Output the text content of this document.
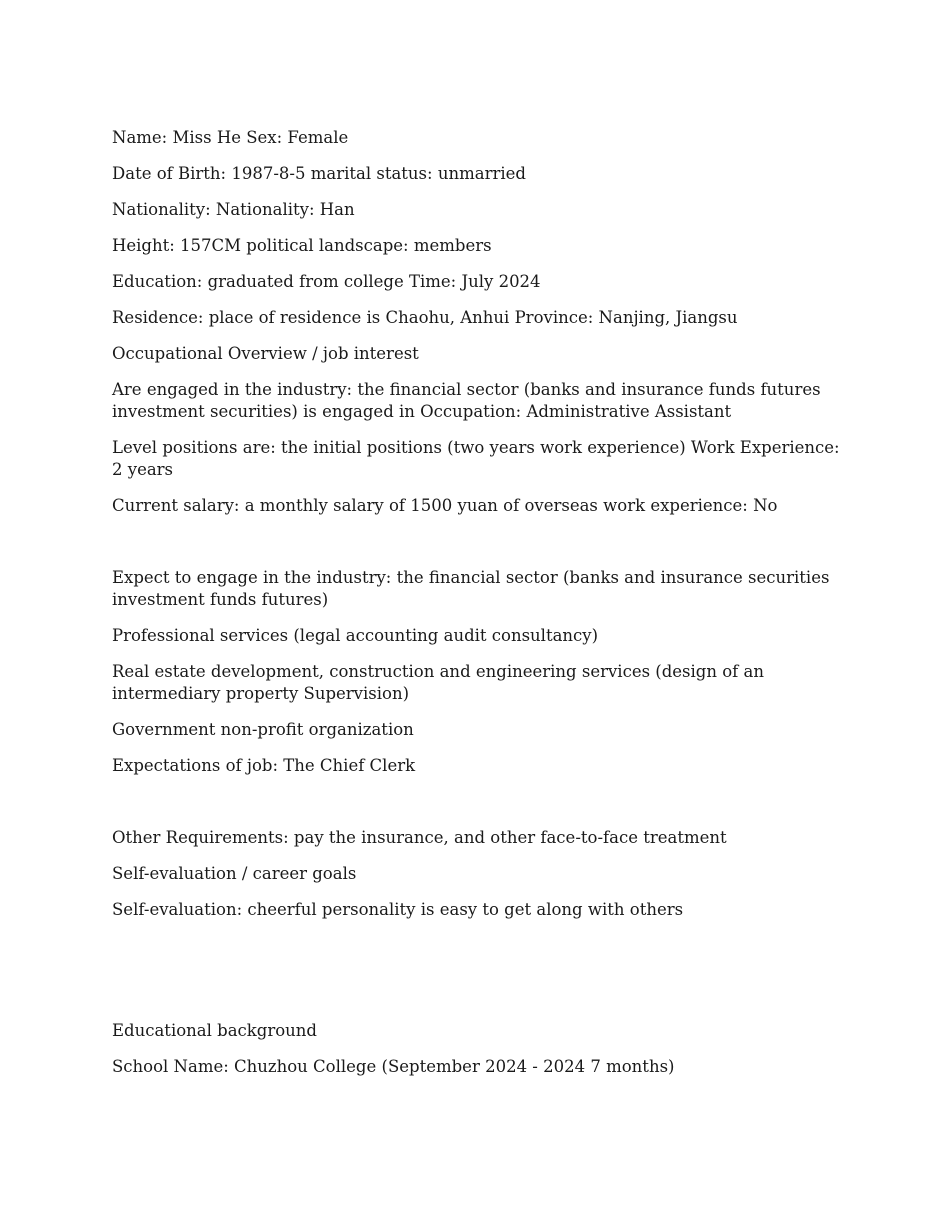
Name: Miss He Sex: Female

Date of Birth: 1987-8-5 marital status: unmarried

Nationality: Nationality: Han

Height: 157CM political landscape: members

Education: graduated from college Time: July 2024

Residence: place of residence is Chaohu, Anhui Province: Nanjing, Jiangsu

Occupational Overview / job interest

Are engaged in the industry: the financial sector (banks and insurance funds futures investment securities) is engaged in Occupation: Administrative Assistant

Level positions are: the initial positions (two years work experience) Work Experience: 2 years

Current salary: a monthly salary of 1500 yuan of overseas work experience: No

Expect to engage in the industry: the financial sector (banks and insurance securities investment funds futures)

Professional services (legal accounting audit consultancy)

Real estate development, construction and engineering services (design of an intermediary property Supervision)

Government non-profit organization

Expectations of job: The Chief Clerk

Other Requirements: pay the insurance, and other face-to-face treatment

Self-evaluation / career goals

Self-evaluation: cheerful personality is easy to get along with others

Educational background

School Name: Chuzhou College (September 2024 - 2024 7 months)
